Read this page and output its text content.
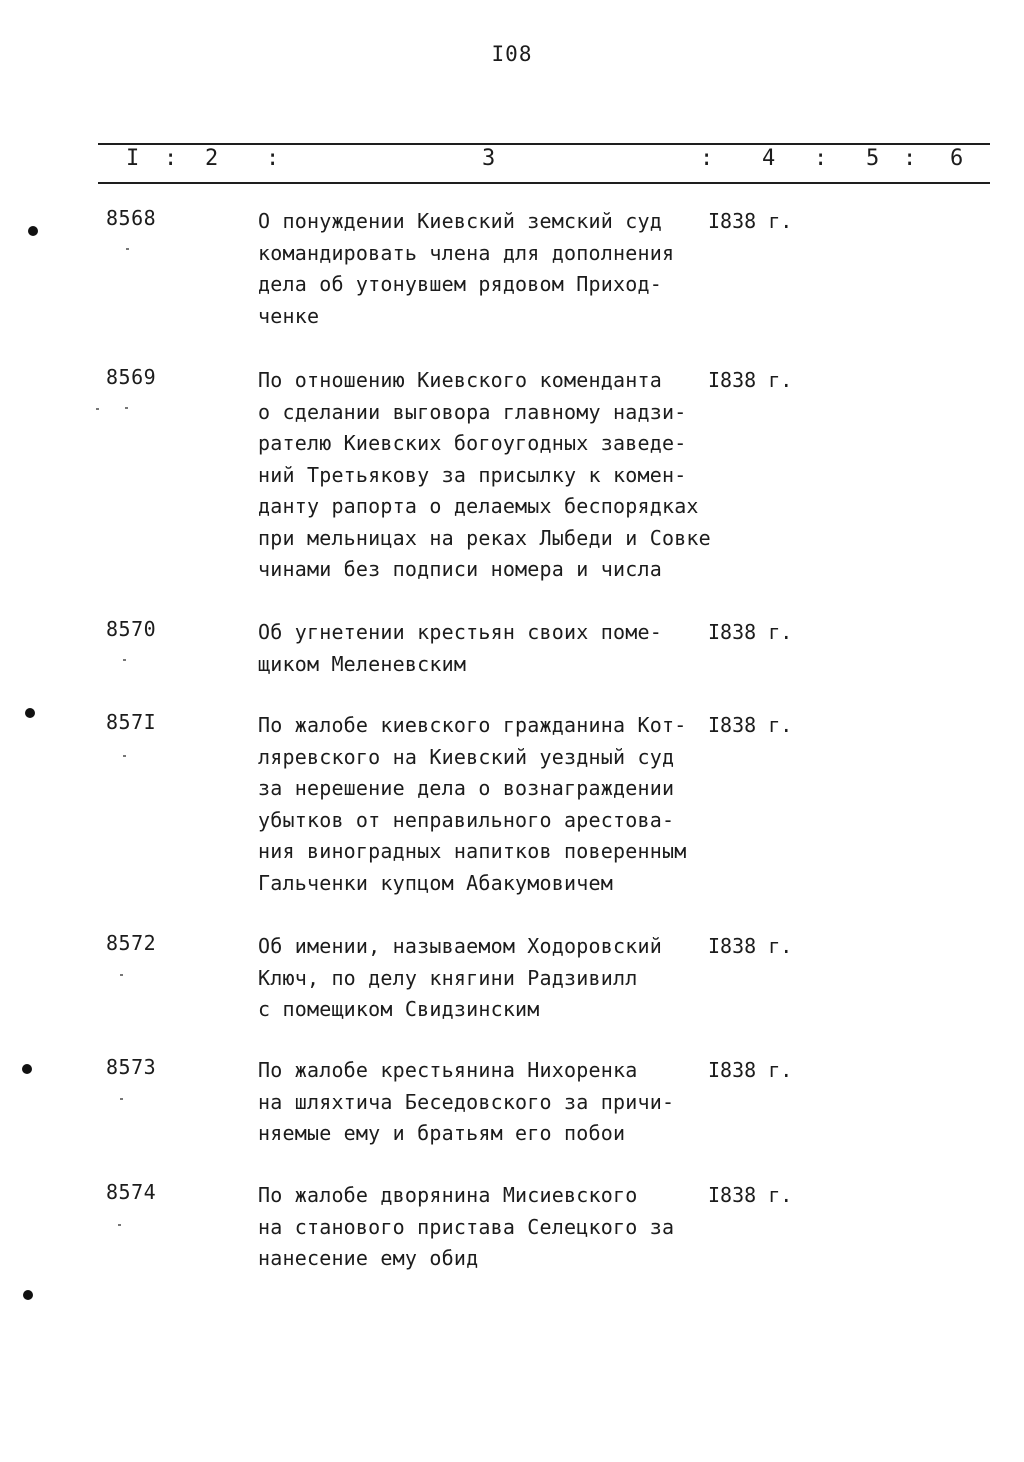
I08
I : 2 :	3	: 4 : 5 : 6
8568	О понуждении Киевский земский суд
командировать члена для дополнения
дела об утонувшем рядовом Приход-
ченке
I838 г.
8569	По отношению Киевского коменданта
о сделании выговора главному надзи-
рателю Киевских богоугодных заведе-
ний Третьякову за присылку к комен-
данту рапорта о делаемых беспорядках
при мельницах на реках Лыбеди и Совке
чинами без подписи номера и числа
I838 г.
8570	Об угнетении крестьян своих поме-
щиком Меленевским
I838 г.
857I	По жалобе киевского гражданина Кот-
ляревского на Киевский уездный суд
за нерешение дела о вознаграждении
убытков от неправильного арестова-
ния виноградных напитков поверенным
Гальченки купцом Абакумовичем
I838 г.
8572	Об имении, называемом Ходоровский
Ключ, по делу княгини Радзивилл
с помещиком Свидзинским
I838 г.
8573	По жалобе крестьянина Нихоренка
на шляхтича Беседовского за причи-
няемые ему и братьям его побои
I838 г.
8574	По жалобе дворянина Мисиевского
на станового пристава Селецкого за
нанесение ему обид
I838 г.
